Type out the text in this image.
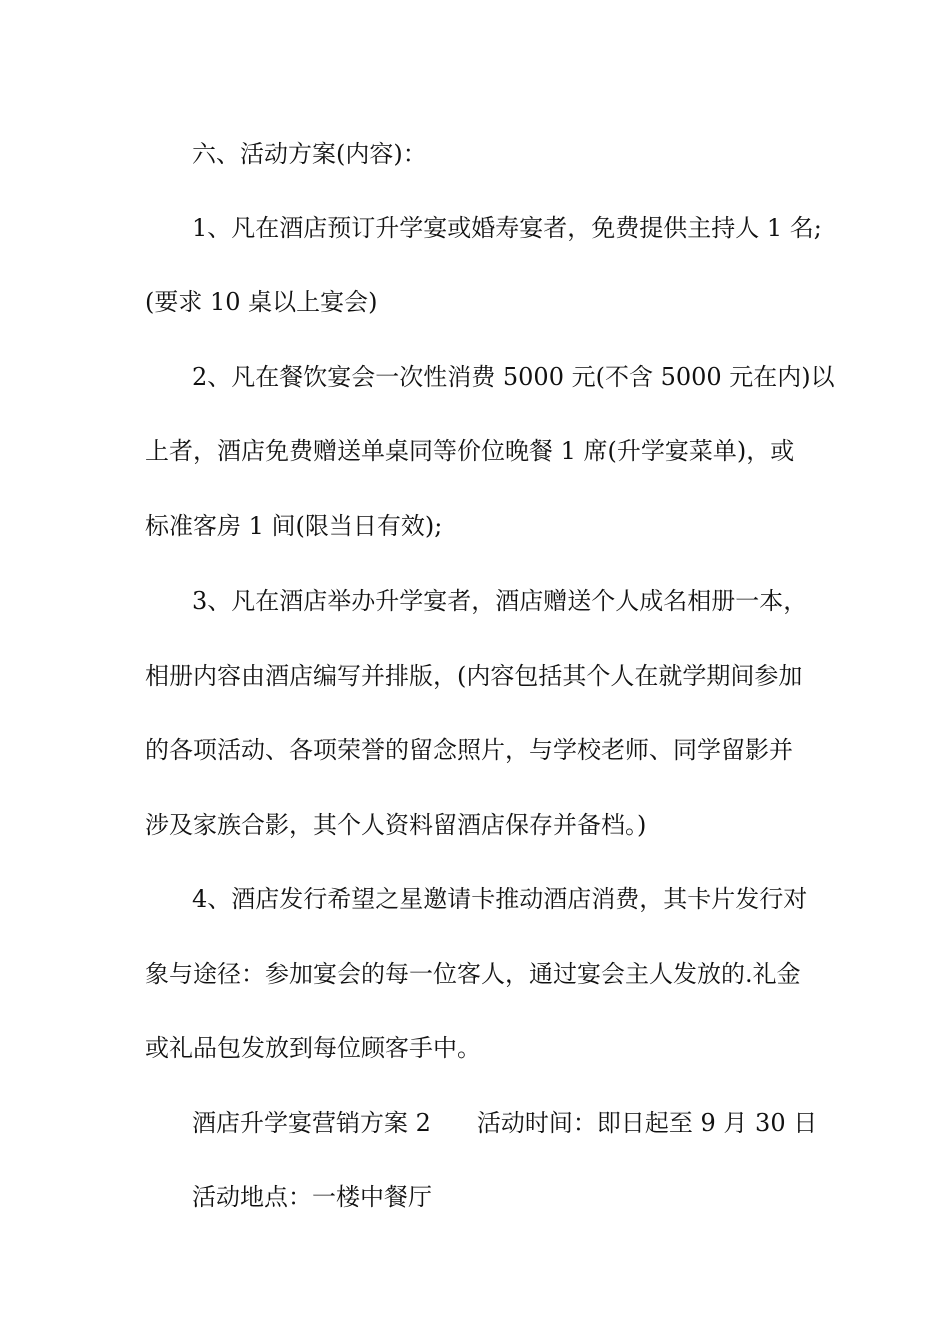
六、活动方案(内容)：
1、凡在酒店预订升学宴或婚寿宴者，免费提供主持人 1 名;
(要求 10 桌以上宴会)
2、凡在餐饮宴会一次性消费 5000 元(不含 5000 元在内)以
上者，酒店免费赠送单桌同等价位晚餐 1 席(升学宴菜单)，或
标准客房 1 间(限当日有效);
3、凡在酒店举办升学宴者，酒店赠送个人成名相册一本，
相册内容由酒店编写并排版，(内容包括其个人在就学期间参加
的各项活动、各项荣誉的留念照片，与学校老师、同学留影并
涉及家族合影，其个人资料留酒店保存并备档。)
4、酒店发行希望之星邀请卡推动酒店消费，其卡片发行对
象与途径：参加宴会的每一位客人，通过宴会主人发放的.礼金
或礼品包发放到每位顾客手中。
酒店升学宴营销方案 2 活动时间：即日起至 9 月 30 日
活动地点：一楼中餐厅
